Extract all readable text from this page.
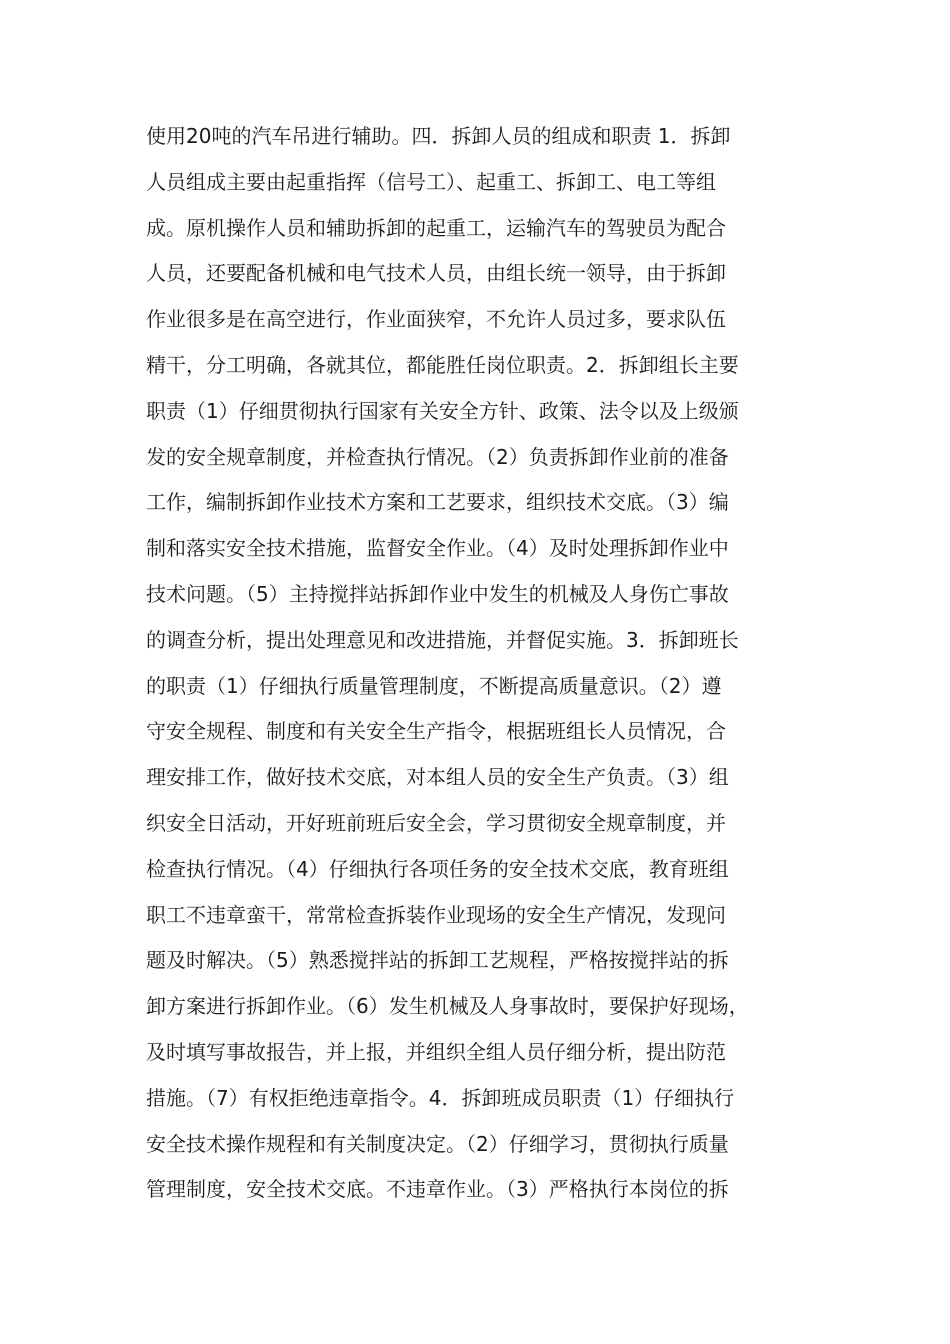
使用20吨的汽车吊进行辅助。四．拆卸人员的组成和职责 1．拆卸
人员组成主要由起重指挥（信号工）、起重工、拆卸工、电工等组
成。原机操作人员和辅助拆卸的起重工，运输汽车的驾驶员为配合
人员，还要配备机械和电气技术人员，由组长统一领导，由于拆卸
作业很多是在高空进行，作业面狭窄，不允许人员过多，要求队伍
精干，分工明确，各就其位，都能胜任岗位职责。2．拆卸组长主要
职责（1）仔细贯彻执行国家有关安全方针、政策、法令以及上级颁
发的安全规章制度，并检查执行情况。（2）负责拆卸作业前的准备
工作，编制拆卸作业技术方案和工艺要求，组织技术交底。（3）编
制和落实安全技术措施，监督安全作业。（4）及时处理拆卸作业中
技术问题。（5）主持搅拌站拆卸作业中发生的机械及人身伤亡事故
的调查分析，提出处理意见和改进措施，并督促实施。3．拆卸班长
的职责（1）仔细执行质量管理制度，不断提高质量意识。（2）遵
守安全规程、制度和有关安全生产指令，根据班组长人员情况，合
理安排工作，做好技术交底，对本组人员的安全生产负责。（3）组
织安全日活动，开好班前班后安全会，学习贯彻安全规章制度，并
检查执行情况。（4）仔细执行各项任务的安全技术交底，教育班组
职工不违章蛮干，常常检查拆装作业现场的安全生产情况，发现问
题及时解决。（5）熟悉搅拌站的拆卸工艺规程，严格按搅拌站的拆
卸方案进行拆卸作业。（6）发生机械及人身事故时，要保护好现场，
及时填写事故报告，并上报，并组织全组人员仔细分析，提出防范
措施。（7）有权拒绝违章指令。4．拆卸班成员职责（1）仔细执行
安全技术操作规程和有关制度决定。（2）仔细学习，贯彻执行质量
管理制度，安全技术交底。不违章作业。（3）严格执行本岗位的拆
